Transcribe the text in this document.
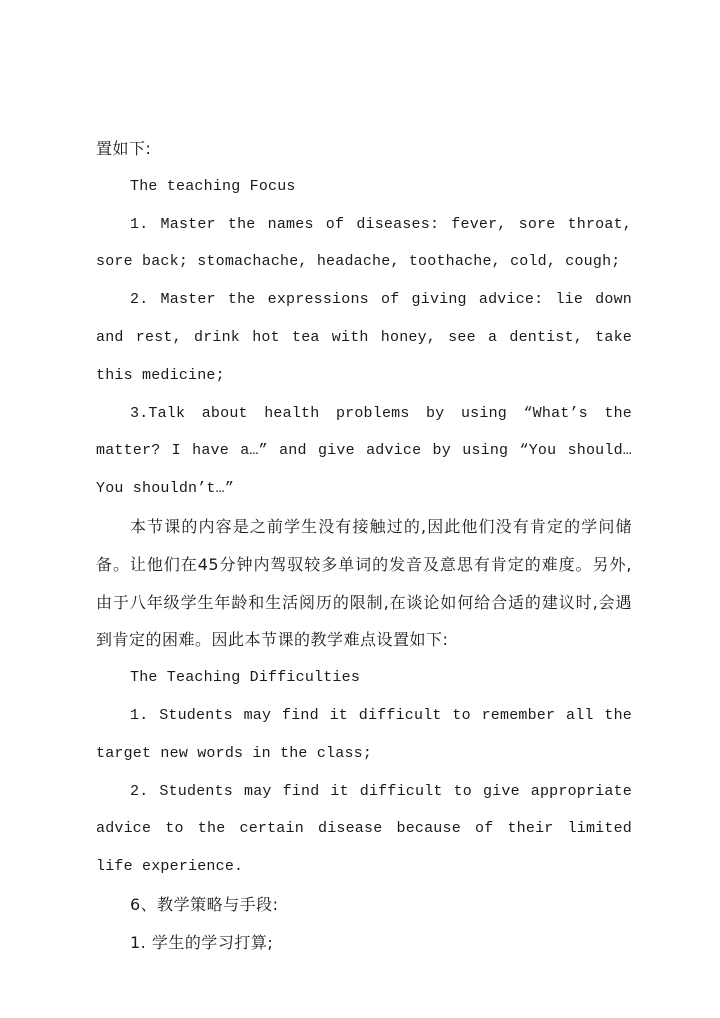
置如下:

The teaching Focus

1. Master the names of diseases: fever, sore throat, sore back; stomachache, headache, toothache, cold, cough;

2. Master the expressions of giving advice: lie down and rest, drink hot tea with honey, see a dentist, take this medicine;

3.Talk about health problems by using “What’s the matter? I have a…” and give advice by using “You should… You shouldn’t…”

本节课的内容是之前学生没有接触过的,因此他们没有肯定的学问储备。让他们在45分钟内驾驭较多单词的发音及意思有肯定的难度。另外,由于八年级学生年龄和生活阅历的限制,在谈论如何给合适的建议时,会遇到肯定的困难。因此本节课的教学难点设置如下:

The Teaching Difficulties

1. Students may find it difficult to remember all the target new words in the class;

2. Students may find it difficult to give appropriate advice to the certain disease because of their limited life experience.

6、教学策略与手段:

1. 学生的学习打算;
